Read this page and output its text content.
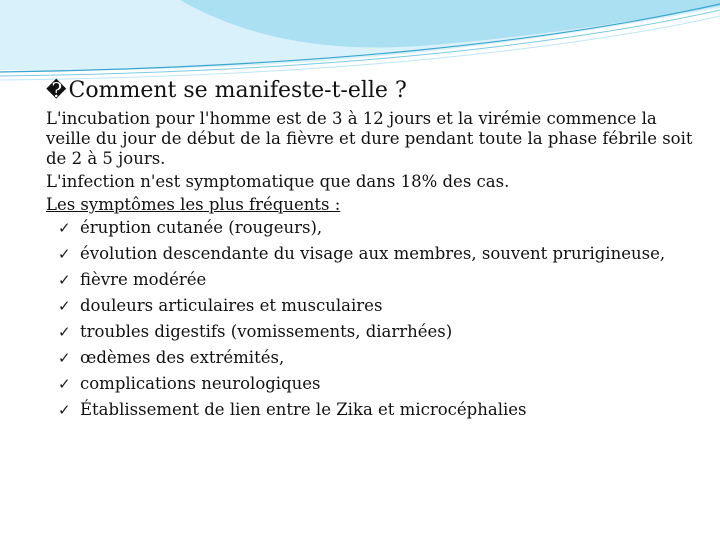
�Comment se manifeste-t-elle ?

L'incubation pour l'homme est de 3 à 12 jours et la virémie commence la veille du jour de début de la fièvre et dure pendant toute la phase fébrile soit de 2 à 5 jours.

L'infection n'est symptomatique que dans 18% des cas.

Les symptômes les plus fréquents :

✓ éruption cutanée (rougeurs),
✓ évolution descendante du visage aux membres, souvent prurigineuse,
✓ fièvre modérée
✓ douleurs articulaires et musculaires
✓ troubles digestifs (vomissements, diarrhées)
✓ œdèmes des extrémités,
✓ complications neurologiques
✓ Établissement de lien entre le Zika et microcéphalies
